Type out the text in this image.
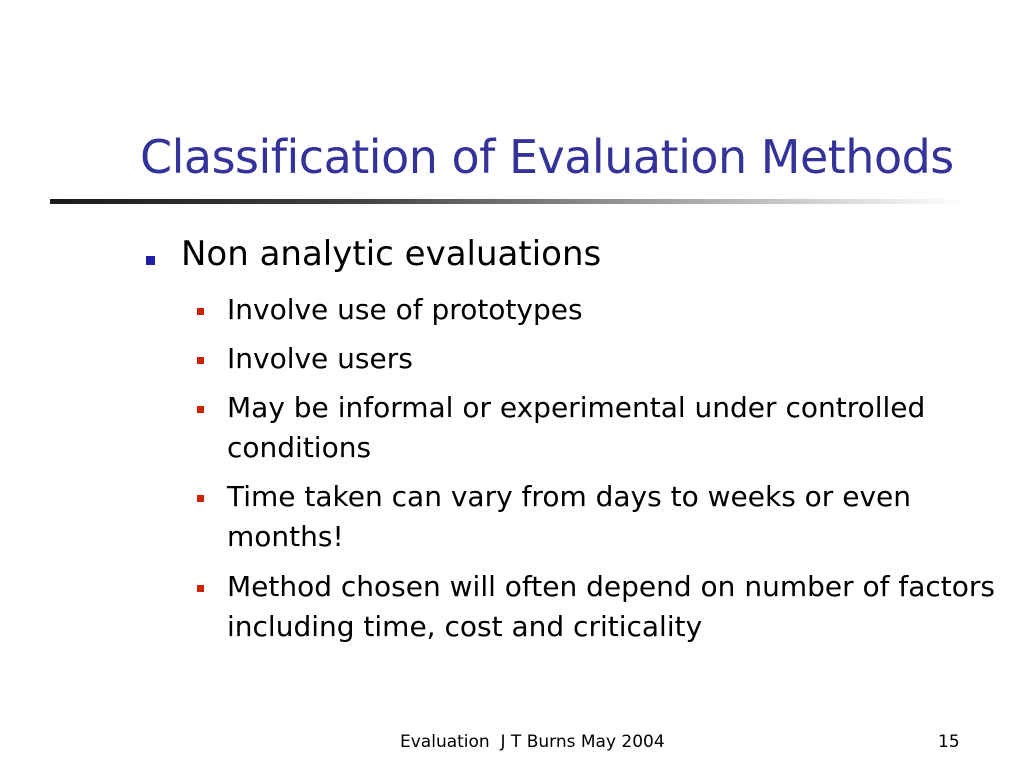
Classification of Evaluation Methods
Non analytic evaluations
Involve use of prototypes
Involve users
May be informal or experimental under controlled conditions
Time taken can vary from days to weeks or even months!
Method chosen will often depend on number of factors including time, cost and criticality
Evaluation  J T Burns May 2004	15
